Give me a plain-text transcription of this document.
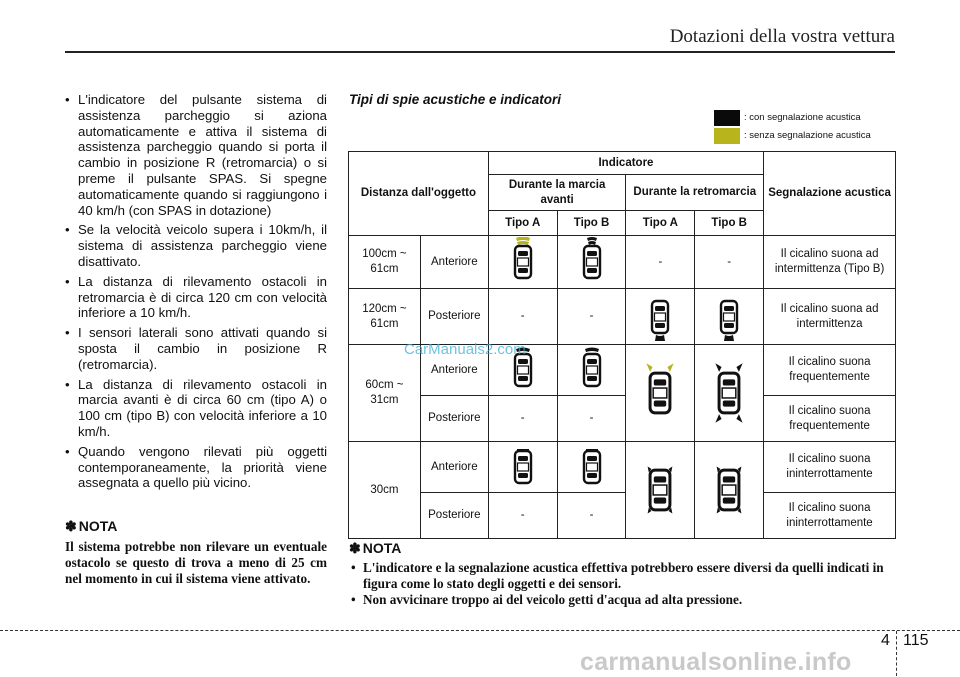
Dotazioni della vostra vettura
• L'indicatore del pulsante sistema di assistenza parcheggio si aziona automaticamente e attiva il sistema di assistenza parcheggio quando si porta il cambio in posizione R (retromarcia) o si preme il pulsante SPAS. Si spegne automaticamente quando si raggiungono i 40 km/h (con SPAS in dotazione)
• Se la velocità veicolo supera i 10km/h, il sistema di assistenza parcheggio viene disattivato.
• La distanza di rilevamento ostacoli in retromarcia è di circa 120 cm con velocità inferiore a 10 km/h.
• I sensori laterali sono attivati quando si sposta il cambio in posizione R (retromarcia).
• La distanza di rilevamento ostacoli in marcia avanti è di circa 60 cm (tipo A) o 100 cm (tipo B) con velocità inferiore a 10 km/h.
• Quando vengono rilevati più oggetti contemporaneamente, la priorità viene assegnata a quello più vicino.
✽ NOTA

Il sistema potrebbe non rilevare un eventuale ostacolo se questo di trova a meno di 25 cm nel momento in cui il sistema viene attivato.

Tipi di spie acustiche e indicatori
: con segnalazione acustica
: senza segnalazione acustica
Distanza dall'oggetto		Indicatore				Segnalazione acustica
		Durante la marcia avanti		Durante la retromarcia		
		Tipo A	Tipo B	Tipo A	Tipo B	
100cm ~ 61cm	Anteriore			-	-	Il cicalino suona ad intermittenza (Tipo B)
120cm ~ 61cm	Posteriore	-	-			Il cicalino suona ad intermittenza
60cm ~ 31cm	Anteriore					Il cicalino suona frequentemente
	Posteriore	-	-			Il cicalino suona frequentemente
30cm	Anteriore					Il cicalino suona ininterrottamente
	Posteriore	-	-			Il cicalino suona ininterrottamente
CarManuals2.com
✽ NOTA
• L'indicatore e la segnalazione acustica effettiva potrebbero essere diversi da quelli indicati in figura come lo stato degli oggetti e dei sensori.
• Non avvicinare troppo ai del veicolo getti d'acqua ad alta pressione.
4 115
carmanualsonline.info
